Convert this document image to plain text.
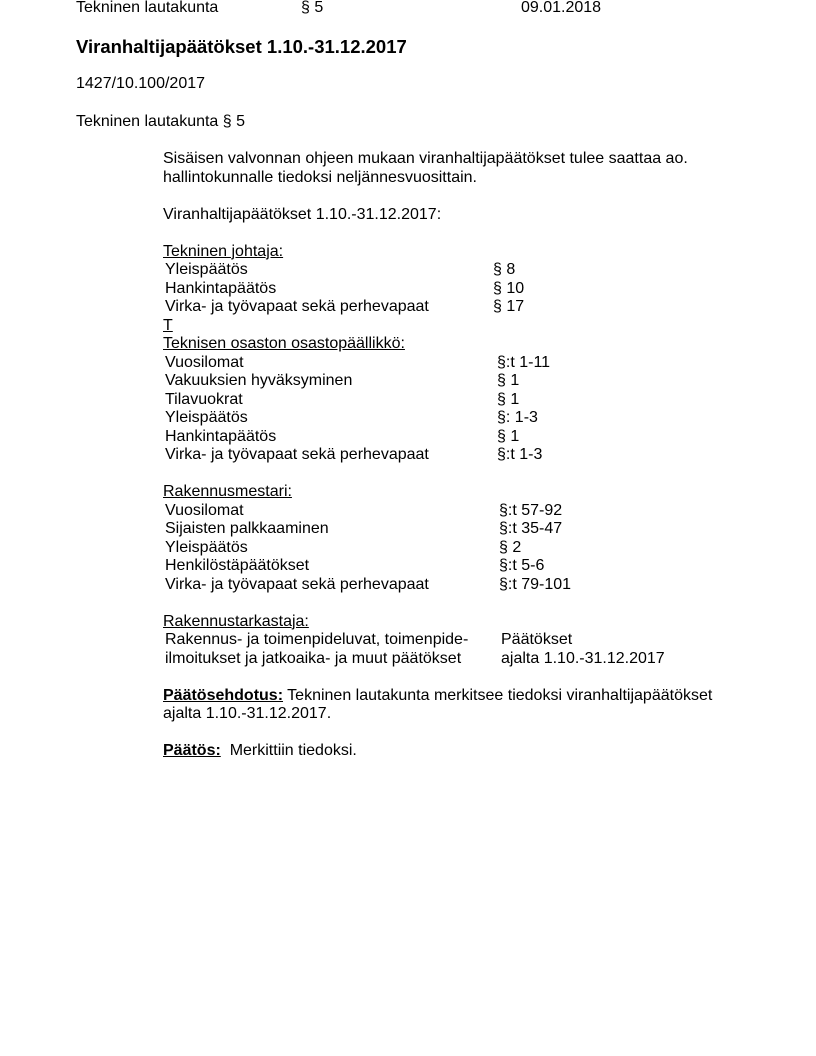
Tekninen lautakunta	§ 5	09.01.2018
Viranhaltijapäätökset 1.10.-31.12.2017
1427/10.100/2017
Tekninen lautakunta § 5
Sisäisen valvonnan ohjeen mukaan viranhaltijapäätökset tulee saattaa ao.
hallintokunnalle tiedoksi neljännesvuosittain.
Viranhaltijapäätökset 1.10.-31.12.2017:
Tekninen johtaja:
Yleispäätös	§ 8
Hankintapäätös	§ 10
Virka- ja työvapaat sekä perhevapaat	§ 17
T
Teknisen osaston osastopäällikkö:
Vuosilomat	§:t 1-11
Vakuuksien hyväksyminen	§ 1
Tilavuokrat	§ 1
Yleispäätös	§: 1-3
Hankintapäätös	§ 1
Virka- ja työvapaat sekä perhevapaat	§:t 1-3
Rakennusmestari:
Vuosilomat	§:t 57-92
Sijaisten palkkaaminen	§:t 35-47
Yleispäätös	§ 2
Henkilöstäpäätökset	§:t 5-6
Virka- ja työvapaat sekä perhevapaat	§:t 79-101
Rakennustarkastaja:
Rakennus- ja toimenpideluvat, toimenpide-	Päätökset
ilmoitukset ja jatkoaika- ja muut päätökset	ajalta 1.10.-31.12.2017
Päätösehdotus: Tekninen lautakunta merkitsee tiedoksi viranhaltijapäätökset
ajalta 1.10.-31.12.2017.
Päätös:  Merkittiin tiedoksi.
